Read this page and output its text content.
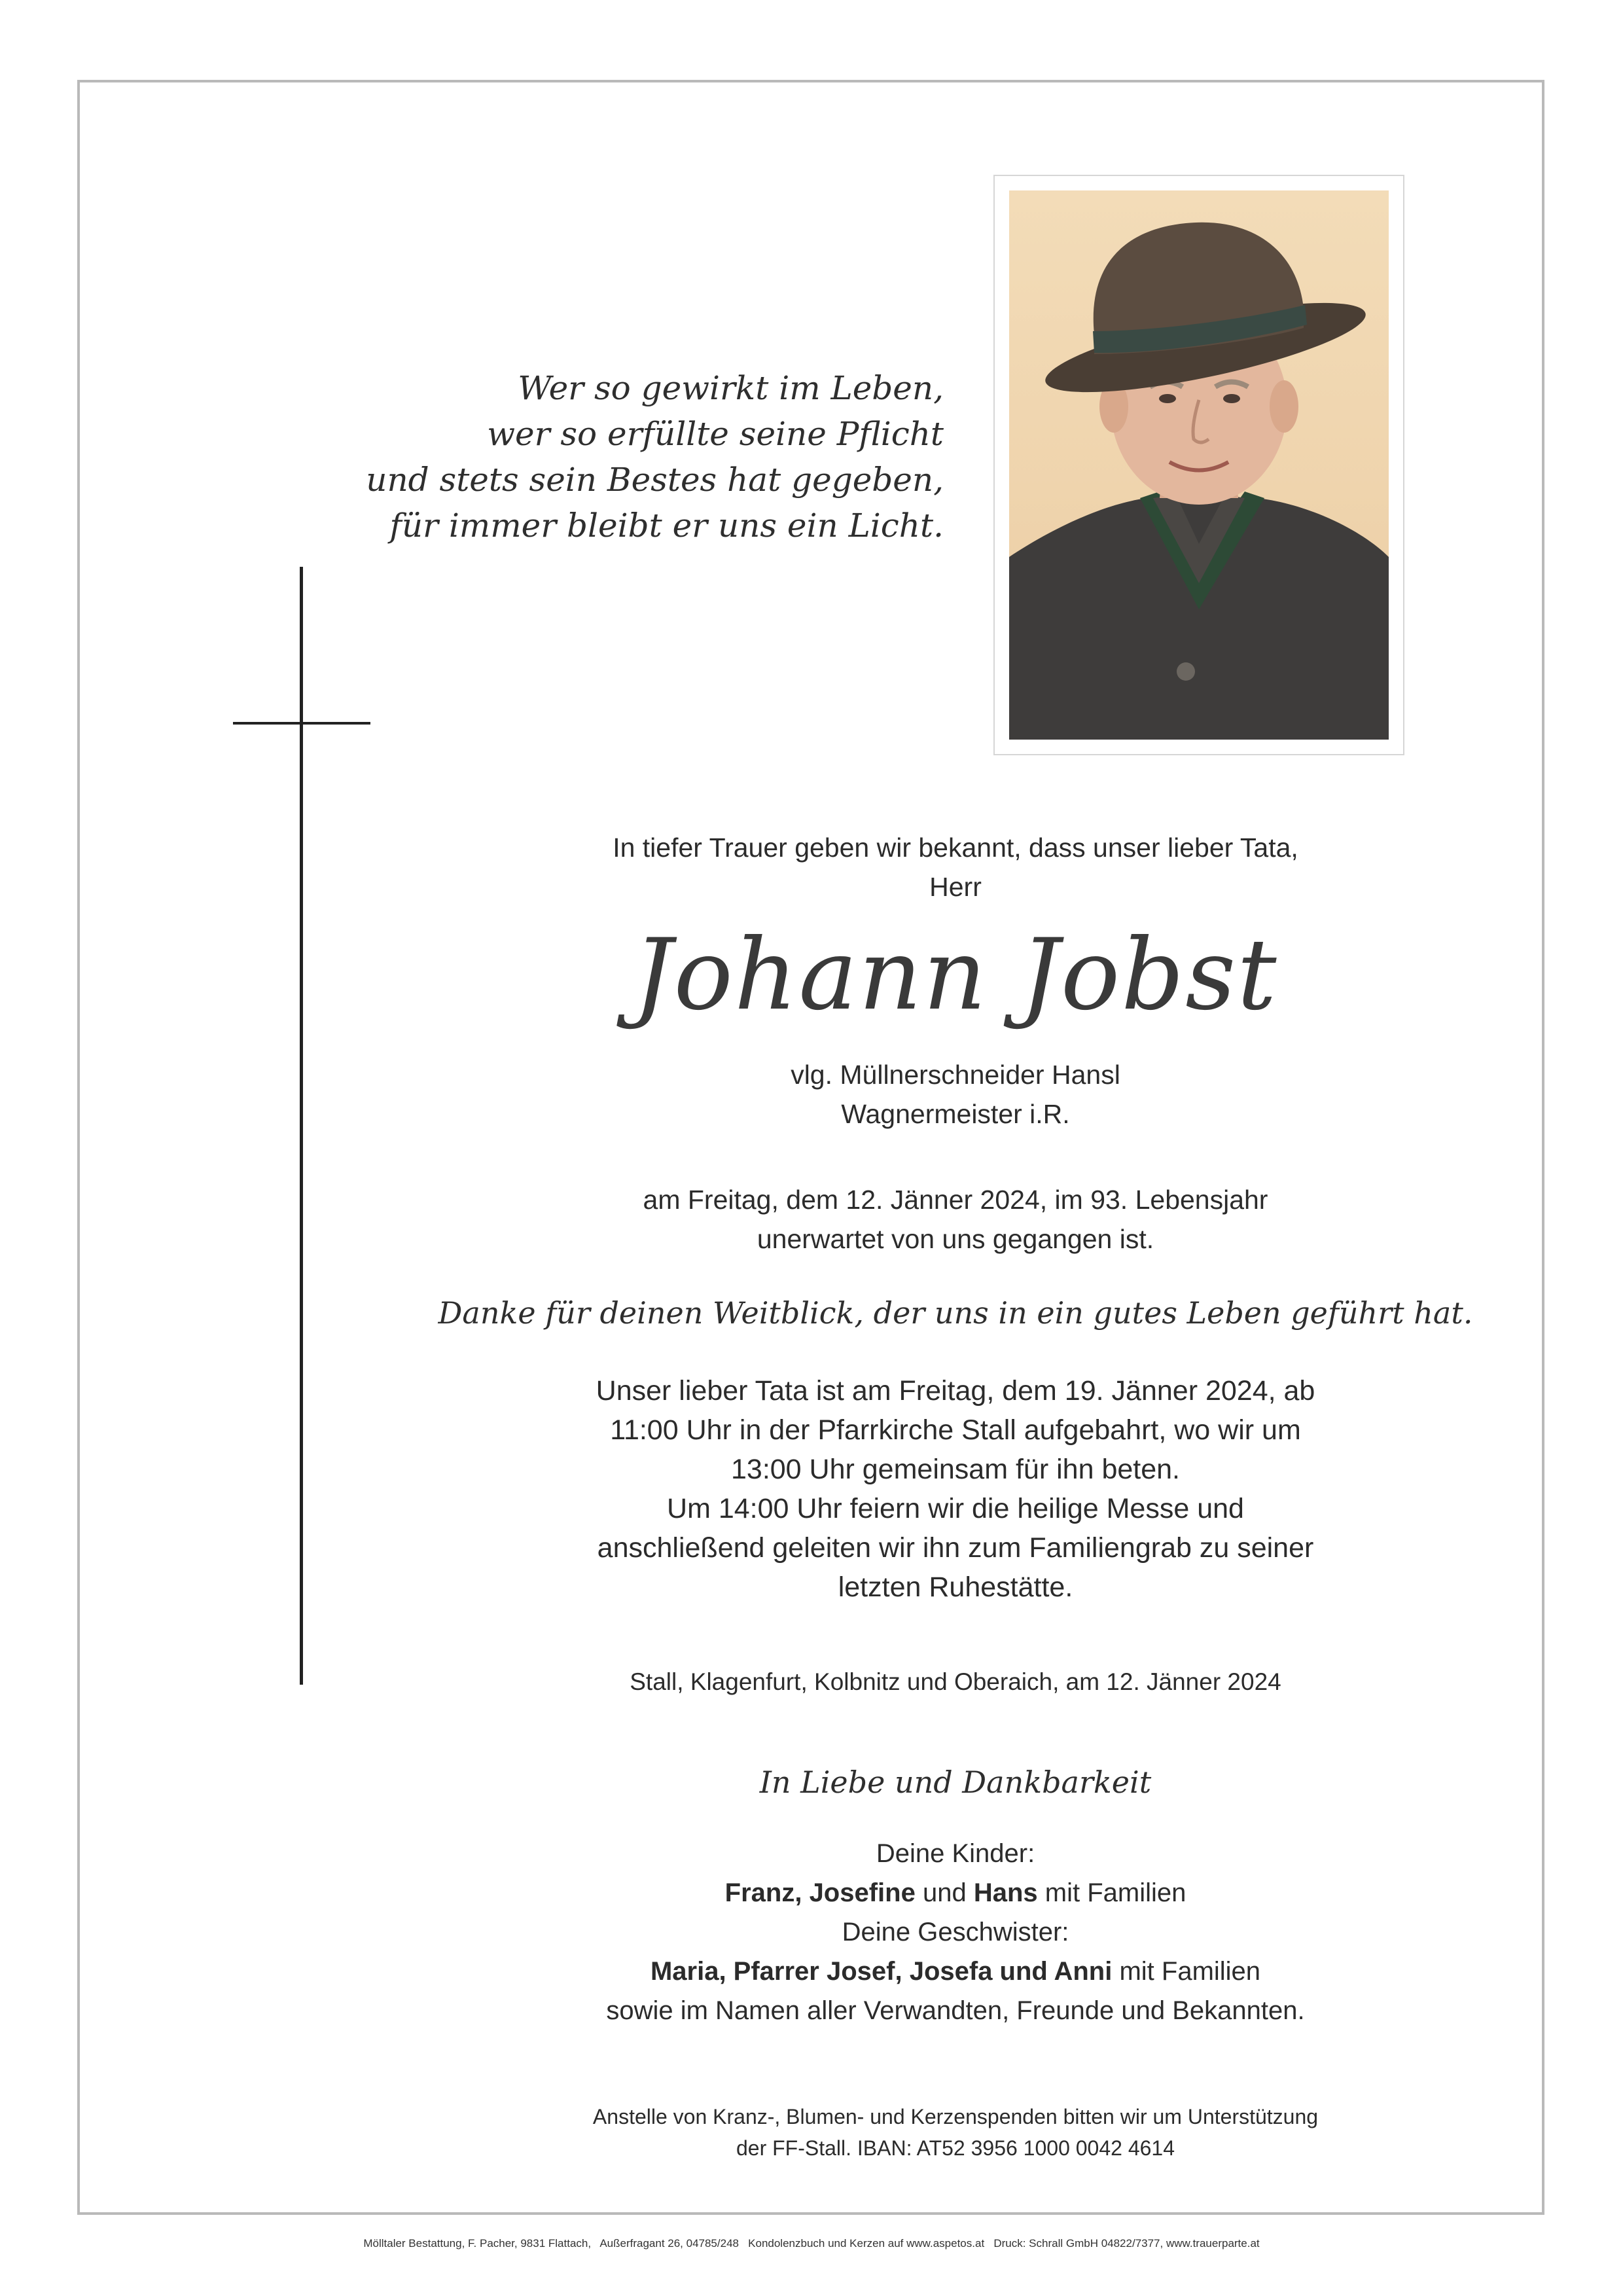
Wer so gewirkt im Leben,
wer so erfüllte seine Pflicht
und stets sein Bestes hat gegeben,
für immer bleibt er uns ein Licht.
In tiefer Trauer geben wir bekannt, dass unser lieber Tata,
Herr
Johann Jobst
vlg. Müllnerschneider Hansl
Wagnermeister i.R.
am Freitag, dem 12. Jänner 2024, im 93. Lebensjahr
unerwartet von uns gegangen ist.
Danke für deinen Weitblick, der uns in ein gutes Leben geführt hat.
Unser lieber Tata ist am Freitag, dem 19. Jänner 2024, ab
11:00 Uhr in der Pfarrkirche Stall aufgebahrt, wo wir um
13:00 Uhr gemeinsam für ihn beten.
Um 14:00 Uhr feiern wir die heilige Messe und
anschließend geleiten wir ihn zum Familiengrab zu seiner
letzten Ruhestätte.
Stall, Klagenfurt, Kolbnitz und Oberaich, am 12. Jänner 2024
In Liebe und Dankbarkeit
Deine Kinder:
Franz, Josefine und Hans mit Familien
Deine Geschwister:
Maria, Pfarrer Josef, Josefa und Anni mit Familien
sowie im Namen aller Verwandten, Freunde und Bekannten.
Anstelle von Kranz-, Blumen- und Kerzenspenden bitten wir um Unterstützung
der FF-Stall. IBAN: AT52 3956 1000 0042 4614
Mölltaler Bestattung, F. Pacher, 9831 Flattach,   Außerfragant 26, 04785/248   Kondolenzbuch und Kerzen auf www.aspetos.at   Druck: Schrall GmbH 04822/7377, www.trauerparte.at
